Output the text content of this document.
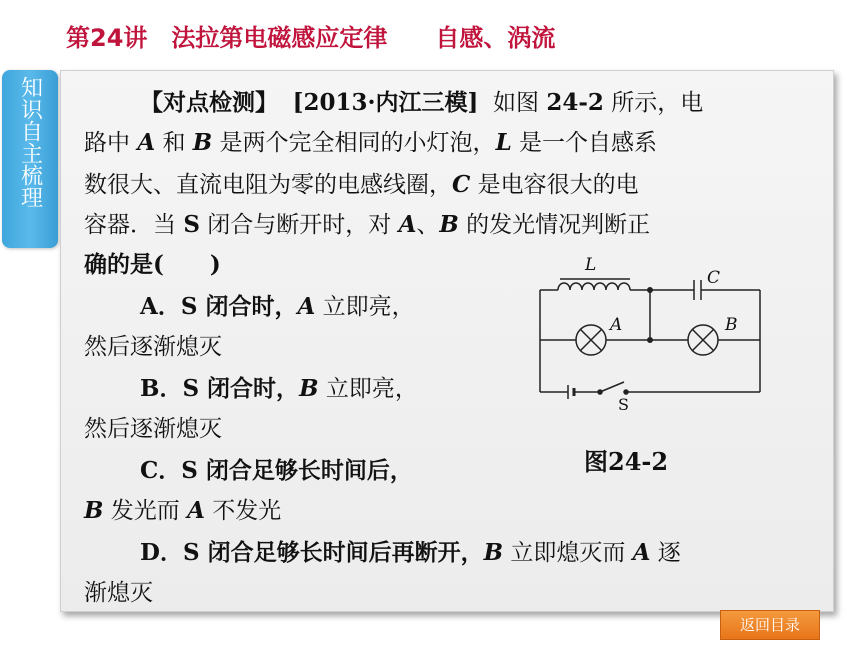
第24讲　法拉第电磁感应定律　　自感、涡流
知识自主梳理	【对点检测】 [2013·内江三模] 如图 24-2 所示，电
路中 A 和 B 是两个完全相同的小灯泡，L 是一个自感系
数很大、直流电阻为零的电感线圈，C 是电容很大的电
容器．当 S 闭合与断开时，对 A、B 的发光情况判断正
确的是(　　)
A．S 闭合时，A 立即亮，
然后逐渐熄灭
B．S 闭合时，B 立即亮，
然后逐渐熄灭
C．S 闭合足够长时间后，
B 发光而 A 不发光
D．S 闭合足够长时间后再断开，B 立即熄灭而 A 逐
渐熄灭
L
C
A	B
S
图24-2
返回目录
